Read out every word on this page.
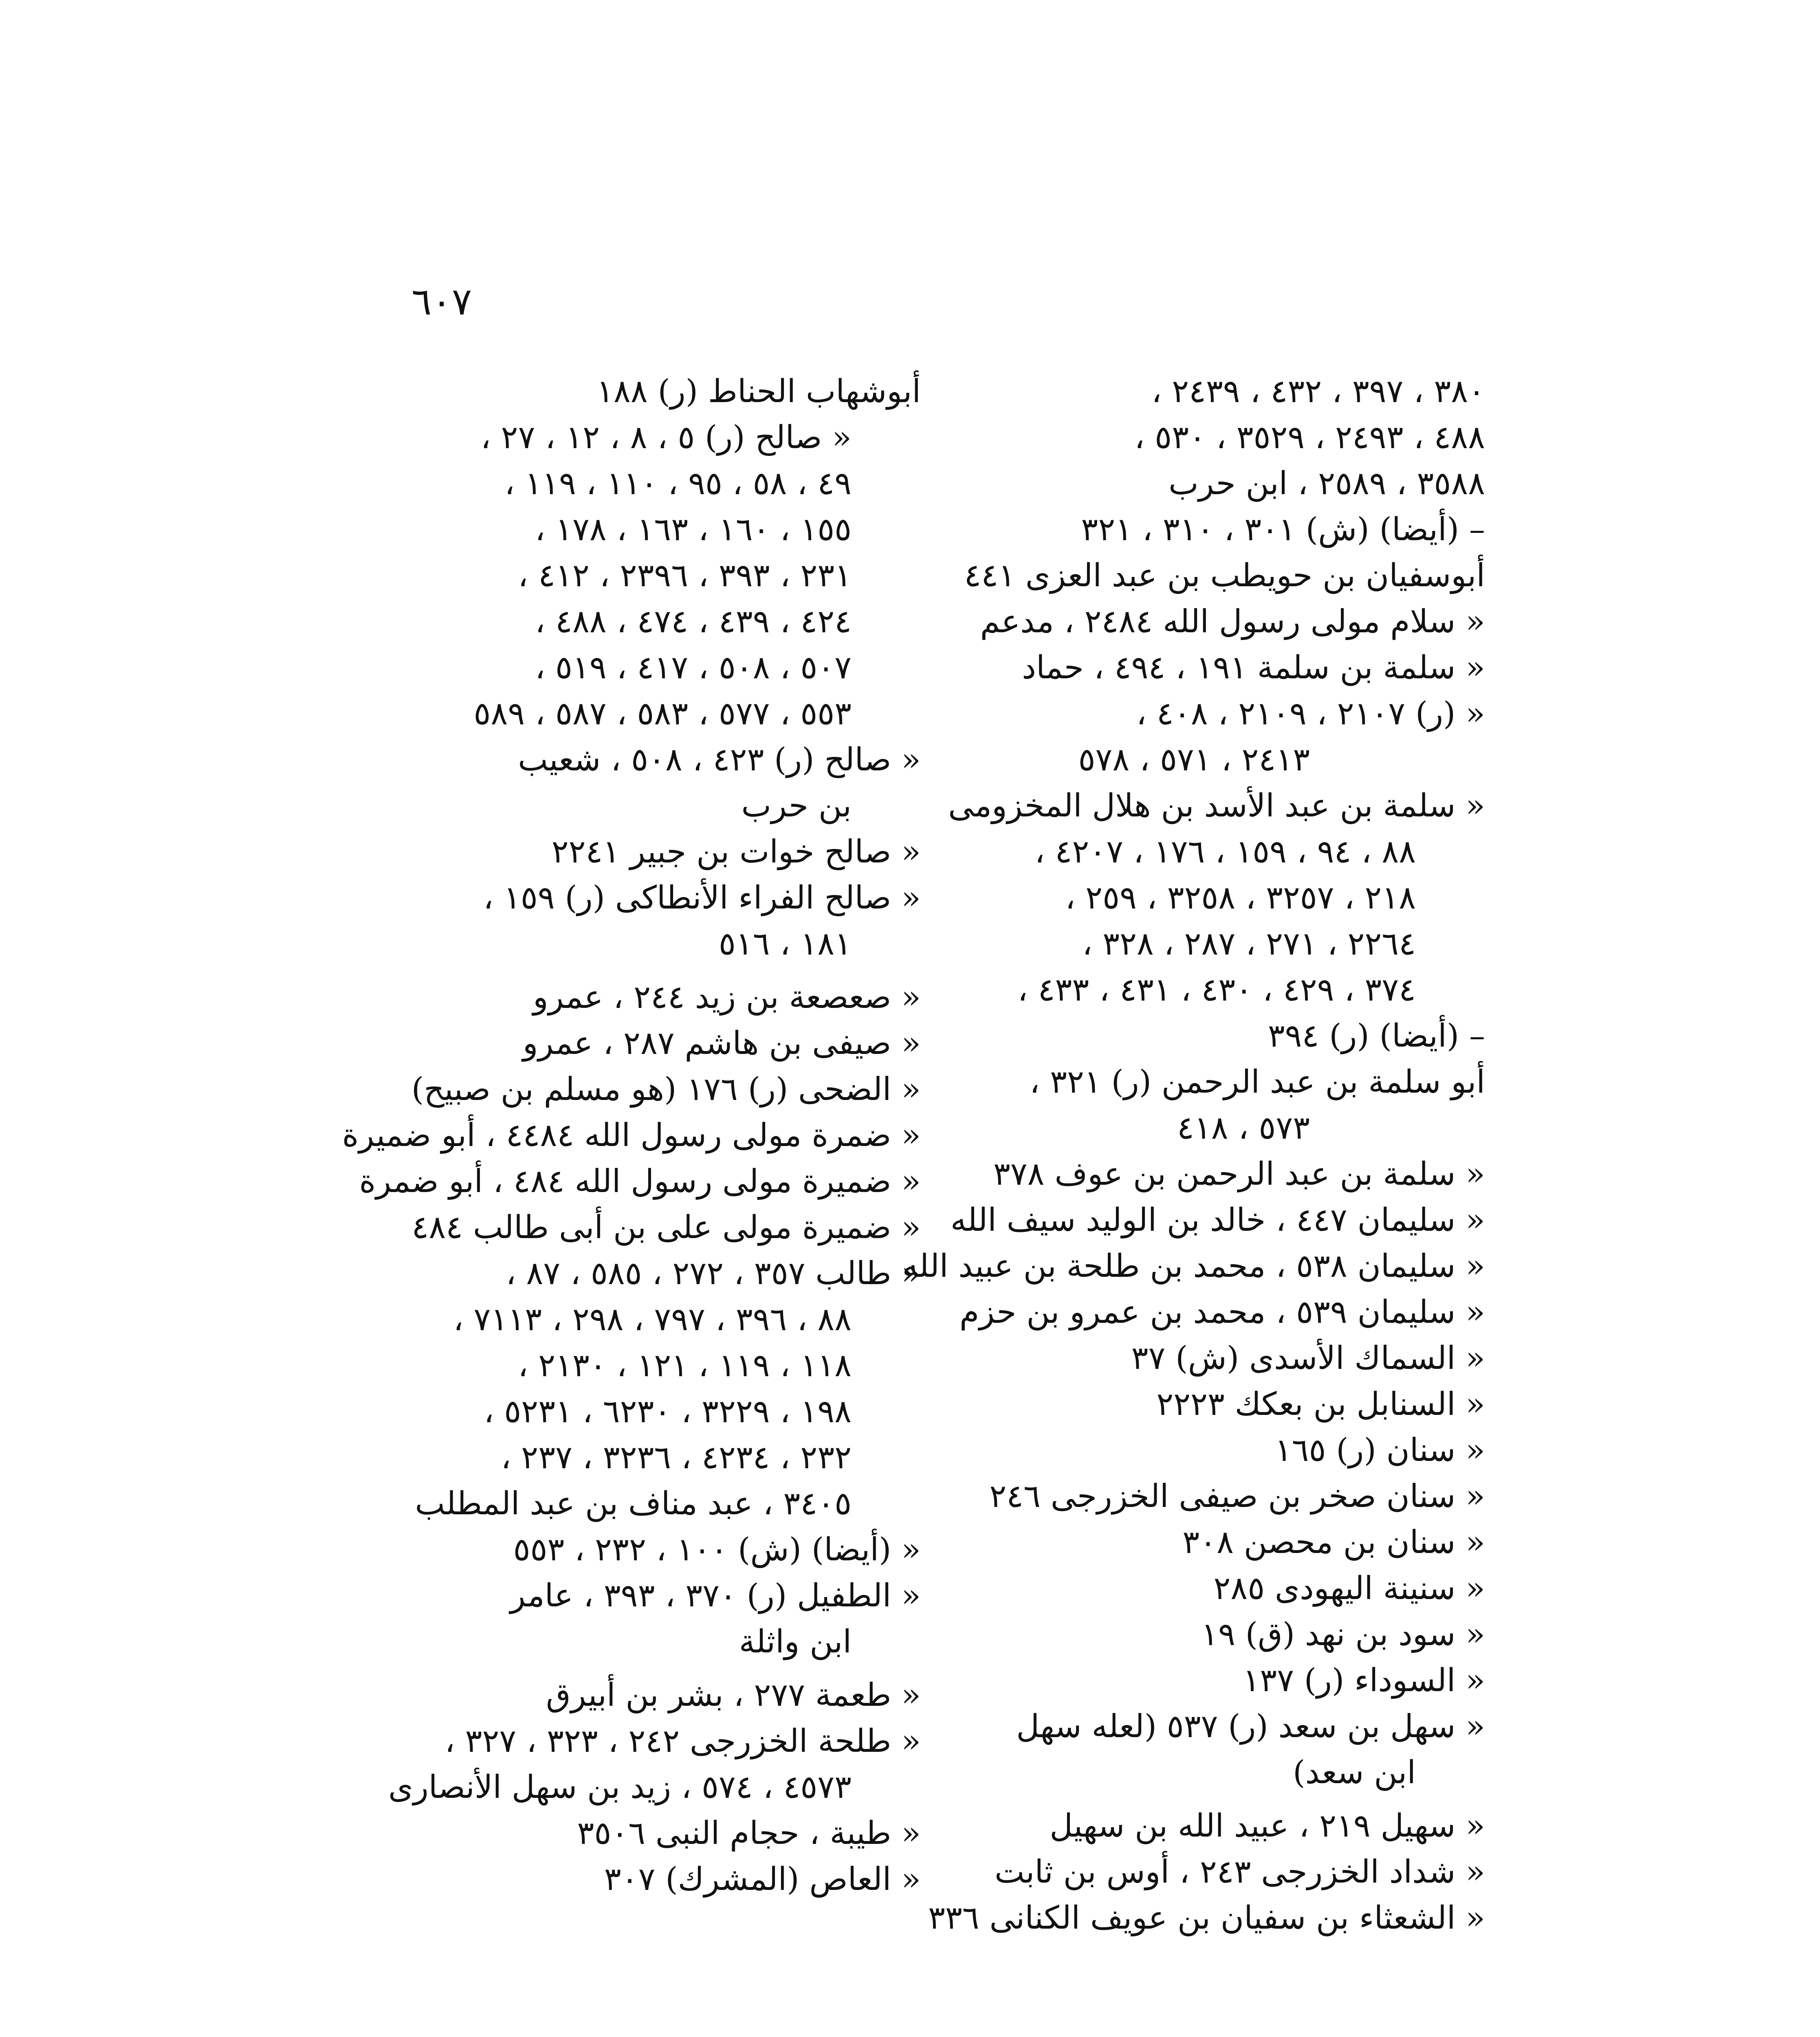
٦٠٧
أبوشهاب الحناط (ر) ١٨٨
« صالح (ر) ٥ ، ٨ ، ١٢ ، ٢٧ ،
٤٩ ، ٥٨ ، ٩٥ ، ١١٠ ، ١١٩ ،
١٥٥ ، ١٦٠ ، ١٦٣ ، ١٧٨ ،
٢٣١ ، ٣٩٣ ، ٢٣٩٦ ، ٤١٢ ،
٤٢٤ ، ٤٣٩ ، ٤٧٤ ، ٤٨٨ ،
٥٠٧ ، ٥٠٨ ، ٤١٧ ، ٥١٩ ،
٥٥٣ ، ٥٧٧ ، ٥٨٣ ، ٥٨٧ ، ٥٨٩
« صالح (ر) ٤٢٣ ، ٥٠٨ ، شعيب
بن حرب
« صالح خوات بن جبير ٢٢٤١
« صالح الفراء الأنطاكى (ر) ١٥٩ ،
١٨١ ، ٥١٦
« صعصعة بن زيد ٢٤٤ ، عمرو
« صيفى بن هاشم ٢٨٧ ، عمرو
« الضحى (ر) ١٧٦ (هو مسلم بن صبيح)
« ضمرة مولى رسول الله ٤٤٨٤ ، أبو ضميرة
« ضميرة مولى رسول الله ٤٨٤ ، أبو ضمرة
« ضميرة مولى على بن أبى طالب ٤٨٤
« طالب ٣٥٧ ، ٢٧٢ ، ٥٨٥ ، ٨٧ ،
٨٨ ، ٣٩٦ ، ٧٩٧ ، ٢٩٨ ، ٧١١٣ ،
١١٨ ، ١١٩ ، ١٢١ ، ٢١٣٠ ،
١٩٨ ، ٣٢٢٩ ، ٦٢٣٠ ، ٥٢٣١ ،
٢٣٢ ، ٤٢٣٤ ، ٣٢٣٦ ، ٢٣٧ ،
٣٤٠٥ ، عبد مناف بن عبد المطلب
« (أيضا) (ش) ١٠٠ ، ٢٣٢ ، ٥٥٣
« الطفيل (ر) ٣٧٠ ، ٣٩٣ ، عامر
ابن واثلة
« طعمة ٢٧٧ ، بشر بن أبيرق
« طلحة الخزرجى ٢٤٢ ، ٣٢٣ ، ٣٢٧ ،
٤٥٧٣ ، ٥٧٤ ، زيد بن سهل الأنصارى
« طيبة ، حجام النبى ٣٥٠٦
« العاص (المشرك) ٣٠٧
٣٨٠ ، ٣٩٧ ، ٤٣٢ ، ٢٤٣٩ ،
٤٨٨ ، ٢٤٩٣ ، ٣٥٢٩ ، ٥٣٠ ،
٣٥٨٨ ، ٢٥٨٩ ، ابن حرب
– (أيضا) (ش) ٣٠١ ، ٣١٠ ، ٣٢١
أبوسفيان بن حويطب بن عبد العزى ٤٤١
« سلام مولى رسول الله ٢٤٨٤ ، مدعم
« سلمة بن سلمة ١٩١ ، ٤٩٤ ، حماد
« (ر) ٢١٠٧ ، ٢١٠٩ ، ٤٠٨ ،
٢٤١٣ ، ٥٧١ ، ٥٧٨
« سلمة بن عبد الأسد بن هلال المخزومى
٨٨ ، ٩٤ ، ١٥٩ ، ١٧٦ ، ٤٢٠٧ ،
٢١٨ ، ٣٢٥٧ ، ٣٢٥٨ ، ٢٥٩ ،
٢٢٦٤ ، ٢٧١ ، ٢٨٧ ، ٣٢٨ ،
٣٧٤ ، ٤٢٩ ، ٤٣٠ ، ٤٣١ ، ٤٣٣ ،
– (أيضا) (ر) ٣٩٤
أبو سلمة بن عبد الرحمن (ر) ٣٢١ ،
٥٧٣ ، ٤١٨
« سلمة بن عبد الرحمن بن عوف ٣٧٨
« سليمان ٤٤٧ ، خالد بن الوليد سيف الله
« سليمان ٥٣٨ ، محمد بن طلحة بن عبيد الله
« سليمان ٥٣٩ ، محمد بن عمرو بن حزم
« السماك الأسدى (ش) ٣٧
« السنابل بن بعكك ٢٢٢٣
« سنان (ر) ١٦٥
« سنان صخر بن صيفى الخزرجى ٢٤٦
« سنان بن محصن ٣٠٨
« سنينة اليهودى ٢٨٥
« سود بن نهد (ق) ١٩
« السوداء (ر) ١٣٧
« سهل بن سعد (ر) ٥٣٧ (لعله سهل
ابن سعد)
« سهيل ٢١٩ ، عبيد الله بن سهيل
« شداد الخزرجى ٢٤٣ ، أوس بن ثابت
« الشعثاء بن سفيان بن عويف الكنانى ٣٣٦
